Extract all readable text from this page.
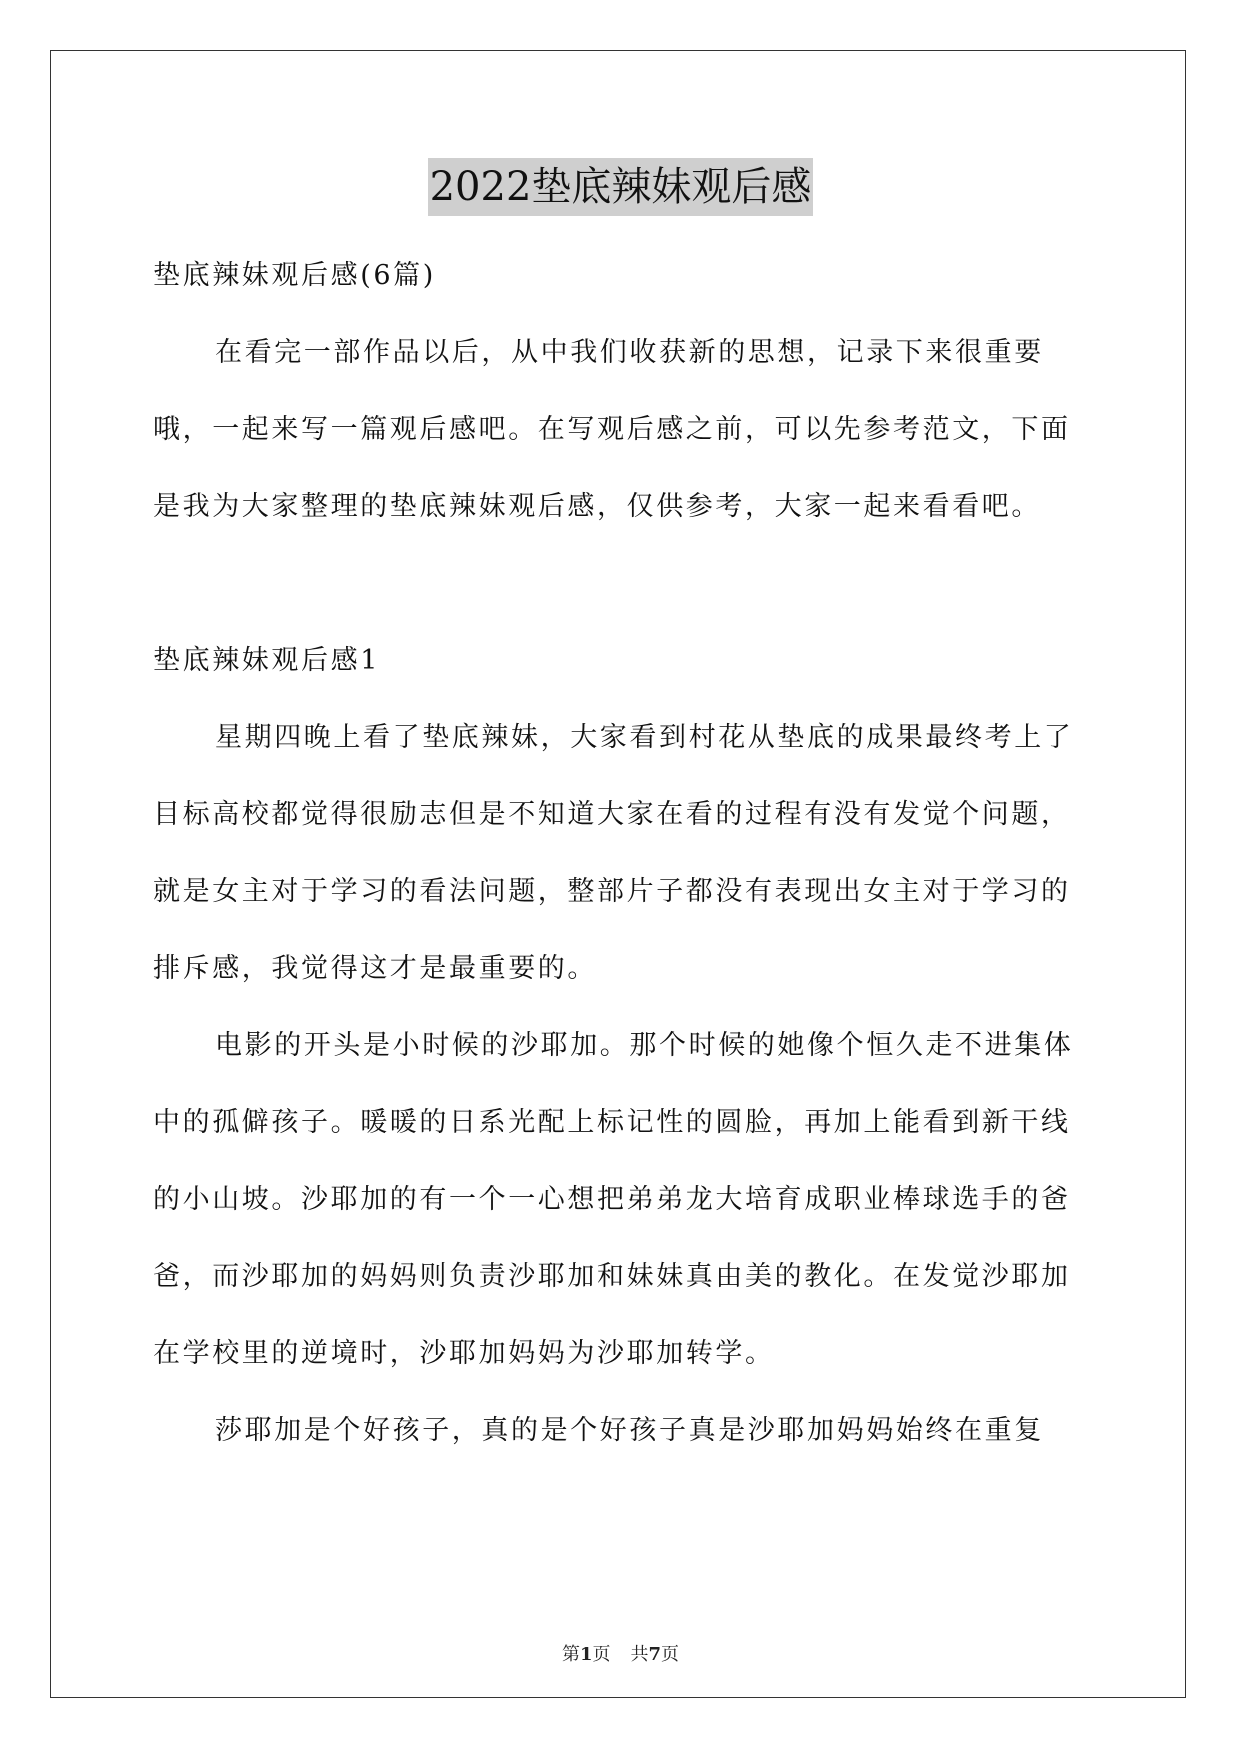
2022垫底辣妹观后感

垫底辣妹观后感(6篇)

在看完一部作品以后，从中我们收获新的思想，记录下来很重要哦，一起来写一篇观后感吧。在写观后感之前，可以先参考范文，下面是我为大家整理的垫底辣妹观后感，仅供参考，大家一起来看看吧。

垫底辣妹观后感1

星期四晚上看了垫底辣妹，大家看到村花从垫底的成果最终考上了目标高校都觉得很励志但是不知道大家在看的过程有没有发觉个问题，就是女主对于学习的看法问题，整部片子都没有表现出女主对于学习的排斥感，我觉得这才是最重要的。

电影的开头是小时候的沙耶加。那个时候的她像个恒久走不进集体中的孤僻孩子。暖暖的日系光配上标记性的圆脸，再加上能看到新干线的小山坡。沙耶加的有一个一心想把弟弟龙大培育成职业棒球选手的爸爸，而沙耶加的妈妈则负责沙耶加和妹妹真由美的教化。在发觉沙耶加在学校里的逆境时，沙耶加妈妈为沙耶加转学。

莎耶加是个好孩子，真的是个好孩子真是沙耶加妈妈始终在重复

第1页 共7页
